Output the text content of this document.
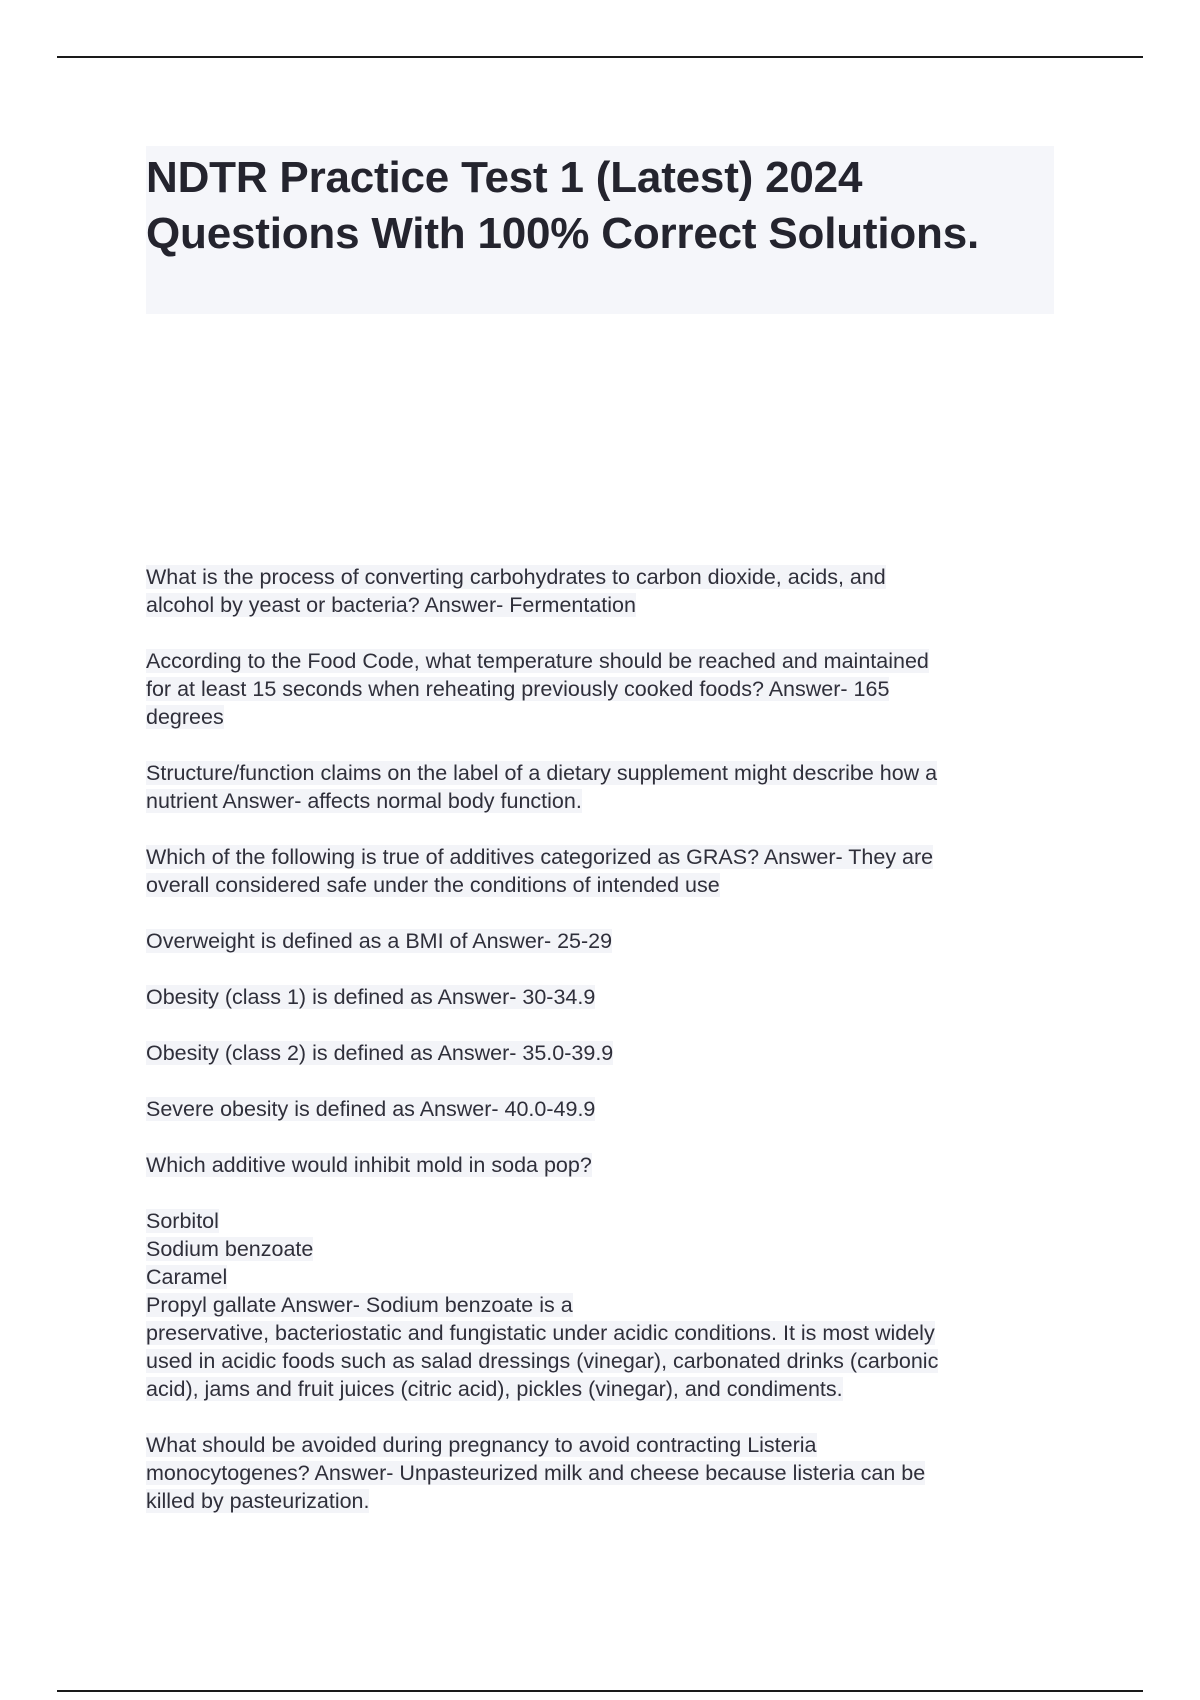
NDTR Practice Test 1 (Latest) 2024 Questions With 100% Correct Solutions.

What is the process of converting carbohydrates to carbon dioxide, acids, and
alcohol by yeast or bacteria? Answer- Fermentation

According to the Food Code, what temperature should be reached and maintained
for at least 15 seconds when reheating previously cooked foods? Answer- 165
degrees

Structure/function claims on the label of a dietary supplement might describe how a
nutrient Answer- affects normal body function.

Which of the following is true of additives categorized as GRAS? Answer- They are
overall considered safe under the conditions of intended use

Overweight is defined as a BMI of Answer- 25-29

Obesity (class 1) is defined as Answer- 30-34.9

Obesity (class 2) is defined as Answer- 35.0-39.9

Severe obesity is defined as Answer- 40.0-49.9

Which additive would inhibit mold in soda pop?

Sorbitol
Sodium benzoate
Caramel
Propyl gallate Answer- Sodium benzoate is a
preservative, bacteriostatic and fungistatic under acidic conditions. It is most widely
used in acidic foods such as salad dressings (vinegar), carbonated drinks (carbonic
acid), jams and fruit juices (citric acid), pickles (vinegar), and condiments.

What should be avoided during pregnancy to avoid contracting Listeria
monocytogenes? Answer- Unpasteurized milk and cheese because listeria can be
killed by pasteurization.
